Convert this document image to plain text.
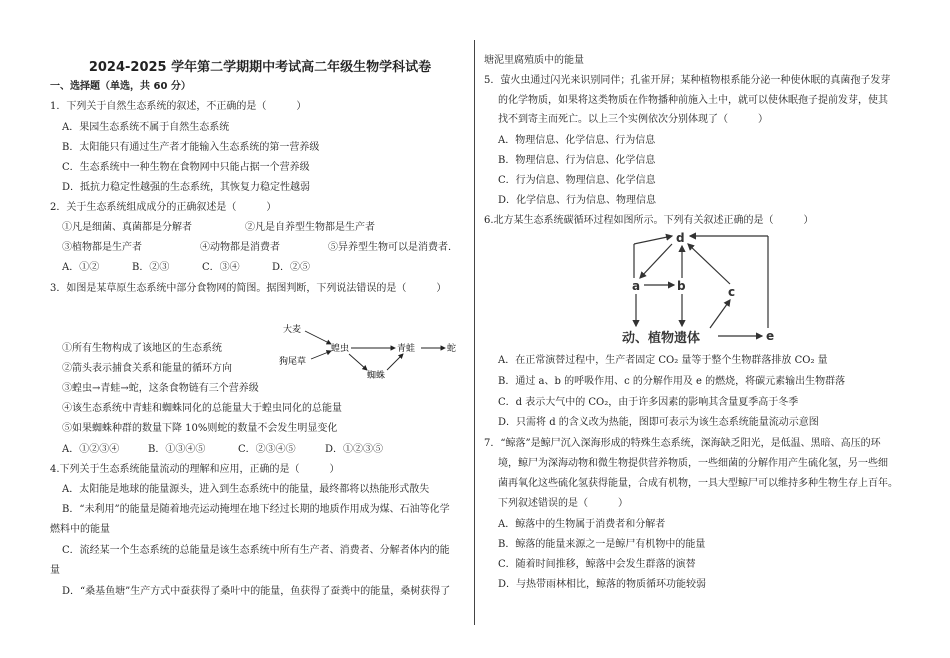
2024-2025 学年第二学期期中考试高二年级生物学科试卷
一、选择题（单选，共 60 分）
1．下列关于自然生态系统的叙述，不正确的是（　　　）
A．果园生态系统不属于自然生态系统
B．太阳能只有通过生产者才能输入生态系统的第一营养级
C．生态系统中一种生物在食物网中只能占据一个营养级
D．抵抗力稳定性越强的生态系统，其恢复力稳定性越弱
2．关于生态系统组成成分的正确叙述是（　　　）
①凡是细菌、真菌都是分解者	②凡是自养型生物都是生产者
③植物都是生产者	④动物都是消费者	⑤异养型生物可以是消费者．
A．①②	B．②③	C．③④	D．②⑤
3．如图是某草原生态系统中部分食物网的简图。据图判断，下列说法错误的是（　　　）
大麦
狗尾草
蝗虫	青蛙	蛇
蜘蛛
①所有生物构成了该地区的生态系统
②箭头表示捕食关系和能量的循环方向
③蝗虫→青蛙→蛇，这条食物链有三个营养级
④该生态系统中青蛙和蜘蛛同化的总能量大于蝗虫同化的总能量
⑤如果蜘蛛种群的数量下降 10%则蛇的数量不会发生明显变化
A．①②③④	B．①③④⑤	C．②③④⑤	D．①②③⑤
4.下列关于生态系统能量流动的理解和应用，正确的是（　　　）
A．太阳能是地球的能量源头，进入到生态系统中的能量，最终都将以热能形式散失
B．“未利用”的能量是随着地壳运动掩埋在地下经过长期的地质作用成为煤、石油等化学
燃料中的能量
C．流经某一个生态系统的总能量是该生态系统中所有生产者、消费者、分解者体内的能
量
D．“桑基鱼塘”生产方式中蚕获得了桑叶中的能量，鱼获得了蚕粪中的能量，桑树获得了
塘泥里腐殖质中的能量
5．萤火虫通过闪光来识别同伴；孔雀开屏；某种植物根系能分泌一种使休眠的真菌孢子发芽
的化学物质，如果将这类物质在作物播种前施入土中，就可以使休眠孢子提前发芽，使其
找不到寄主而死亡。以上三个实例依次分别体现了（　　　）
A．物理信息、化学信息、行为信息
B．物理信息、行为信息、化学信息
C．行为信息、物理信息、化学信息
D．化学信息、行为信息、物理信息
6.北方某生态系统碳循环过程如图所示。下列有关叙述正确的是（　　　）
d
a	b	c
动、植物遗体	e
A．在正常演替过程中，生产者固定 CO₂ 量等于整个生物群落排放 CO₂ 量
B．通过 a、b 的呼吸作用、c 的分解作用及 e 的燃烧，将碳元素输出生物群落
C．d 表示大气中的 CO₂，由于许多因素的影响其含量夏季高于冬季
D．只需将 d 的含义改为热能，图即可表示为该生态系统能量流动示意图
7．“鲸落”是鲸尸沉入深海形成的特殊生态系统，深海缺乏阳光，是低温、黑暗、高压的环
境，鲸尸为深海动物和微生物提供营养物质，一些细菌的分解作用产生硫化氢，另一些细
菌再氧化这些硫化氢获得能量，合成有机物，一具大型鲸尸可以维持多种生物生存上百年。
下列叙述错误的是（　　　）
A．鲸落中的生物属于消费者和分解者
B．鲸落的能量来源之一是鲸尸有机物中的能量
C．随着时间推移，鲸落中会发生群落的演替
D．与热带雨林相比，鲸落的物质循环功能较弱
